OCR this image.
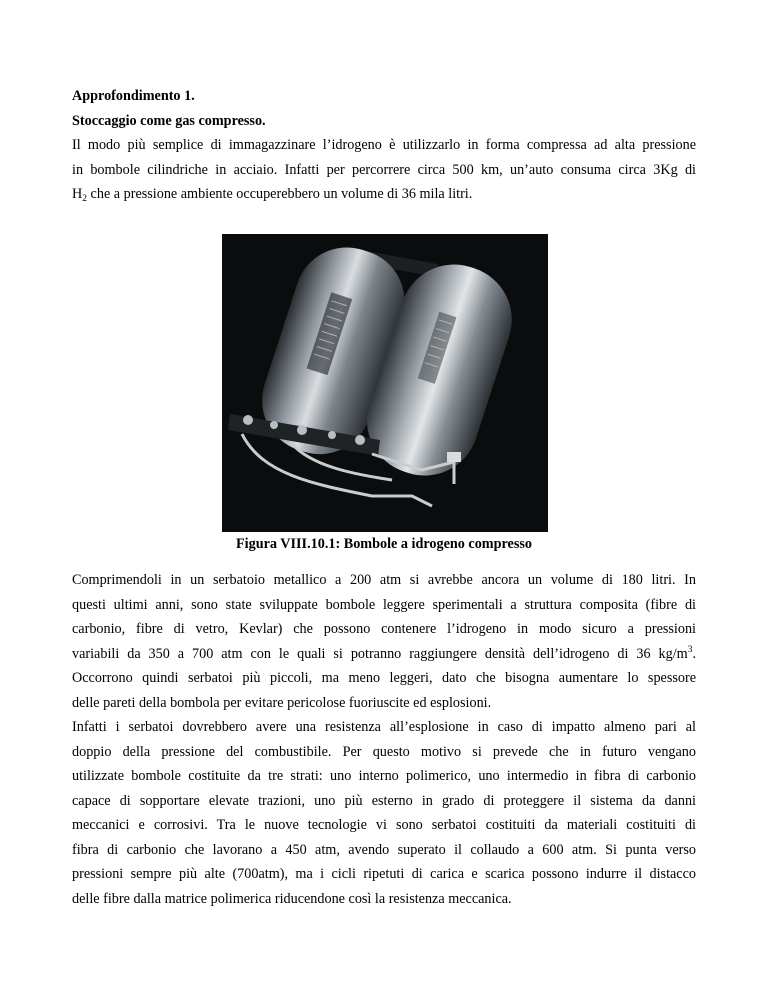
Approfondimento 1.

Stoccaggio come gas compresso.

Il modo più semplice di immagazzinare l’idrogeno è utilizzarlo in forma compressa ad alta pressione

in bombole cilindriche in acciaio. Infatti per percorrere circa 500 km, un’auto consuma circa 3Kg di

$H_2$ che a pressione ambiente occuperebbero un volume di 36 mila litri.

Figura VIII.10.1: Bombole a idrogeno compresso

Comprimendoli in un serbatoio metallico a 200 atm si avrebbe ancora un volume di 180 litri. In

questi ultimi anni, sono state sviluppate bombole leggere sperimentali a struttura composita (fibre di

carbonio, fibre di vetro, Kevlar) che possono contenere l’idrogeno in modo sicuro a pressioni

variabili da 350 a 700 atm con le quali si potranno raggiungere densità dell’idrogeno di 36 $kg/m^3$.

Occorrono quindi serbatoi più piccoli, ma meno leggeri, dato che bisogna aumentare lo spessore

delle pareti della bombola per evitare pericolose fuoriuscite ed esplosioni.

Infatti i serbatoi dovrebbero avere una resistenza all’esplosione in caso di impatto almeno pari al

doppio della pressione del combustibile. Per questo motivo si prevede che in futuro vengano

utilizzate bombole costituite da tre strati: uno interno polimerico, uno intermedio in fibra di carbonio

capace di sopportare elevate trazioni, uno più esterno in grado di proteggere il sistema da danni

meccanici e corrosivi. Tra le nuove tecnologie vi sono serbatoi costituiti da materiali costituiti di

fibra di carbonio che lavorano a 450 atm, avendo superato il collaudo a 600 atm. Si punta verso

pressioni sempre più alte (700atm), ma i cicli ripetuti di carica e scarica possono indurre il distacco

delle fibre dalla matrice polimerica riducendone così la resistenza meccanica.
